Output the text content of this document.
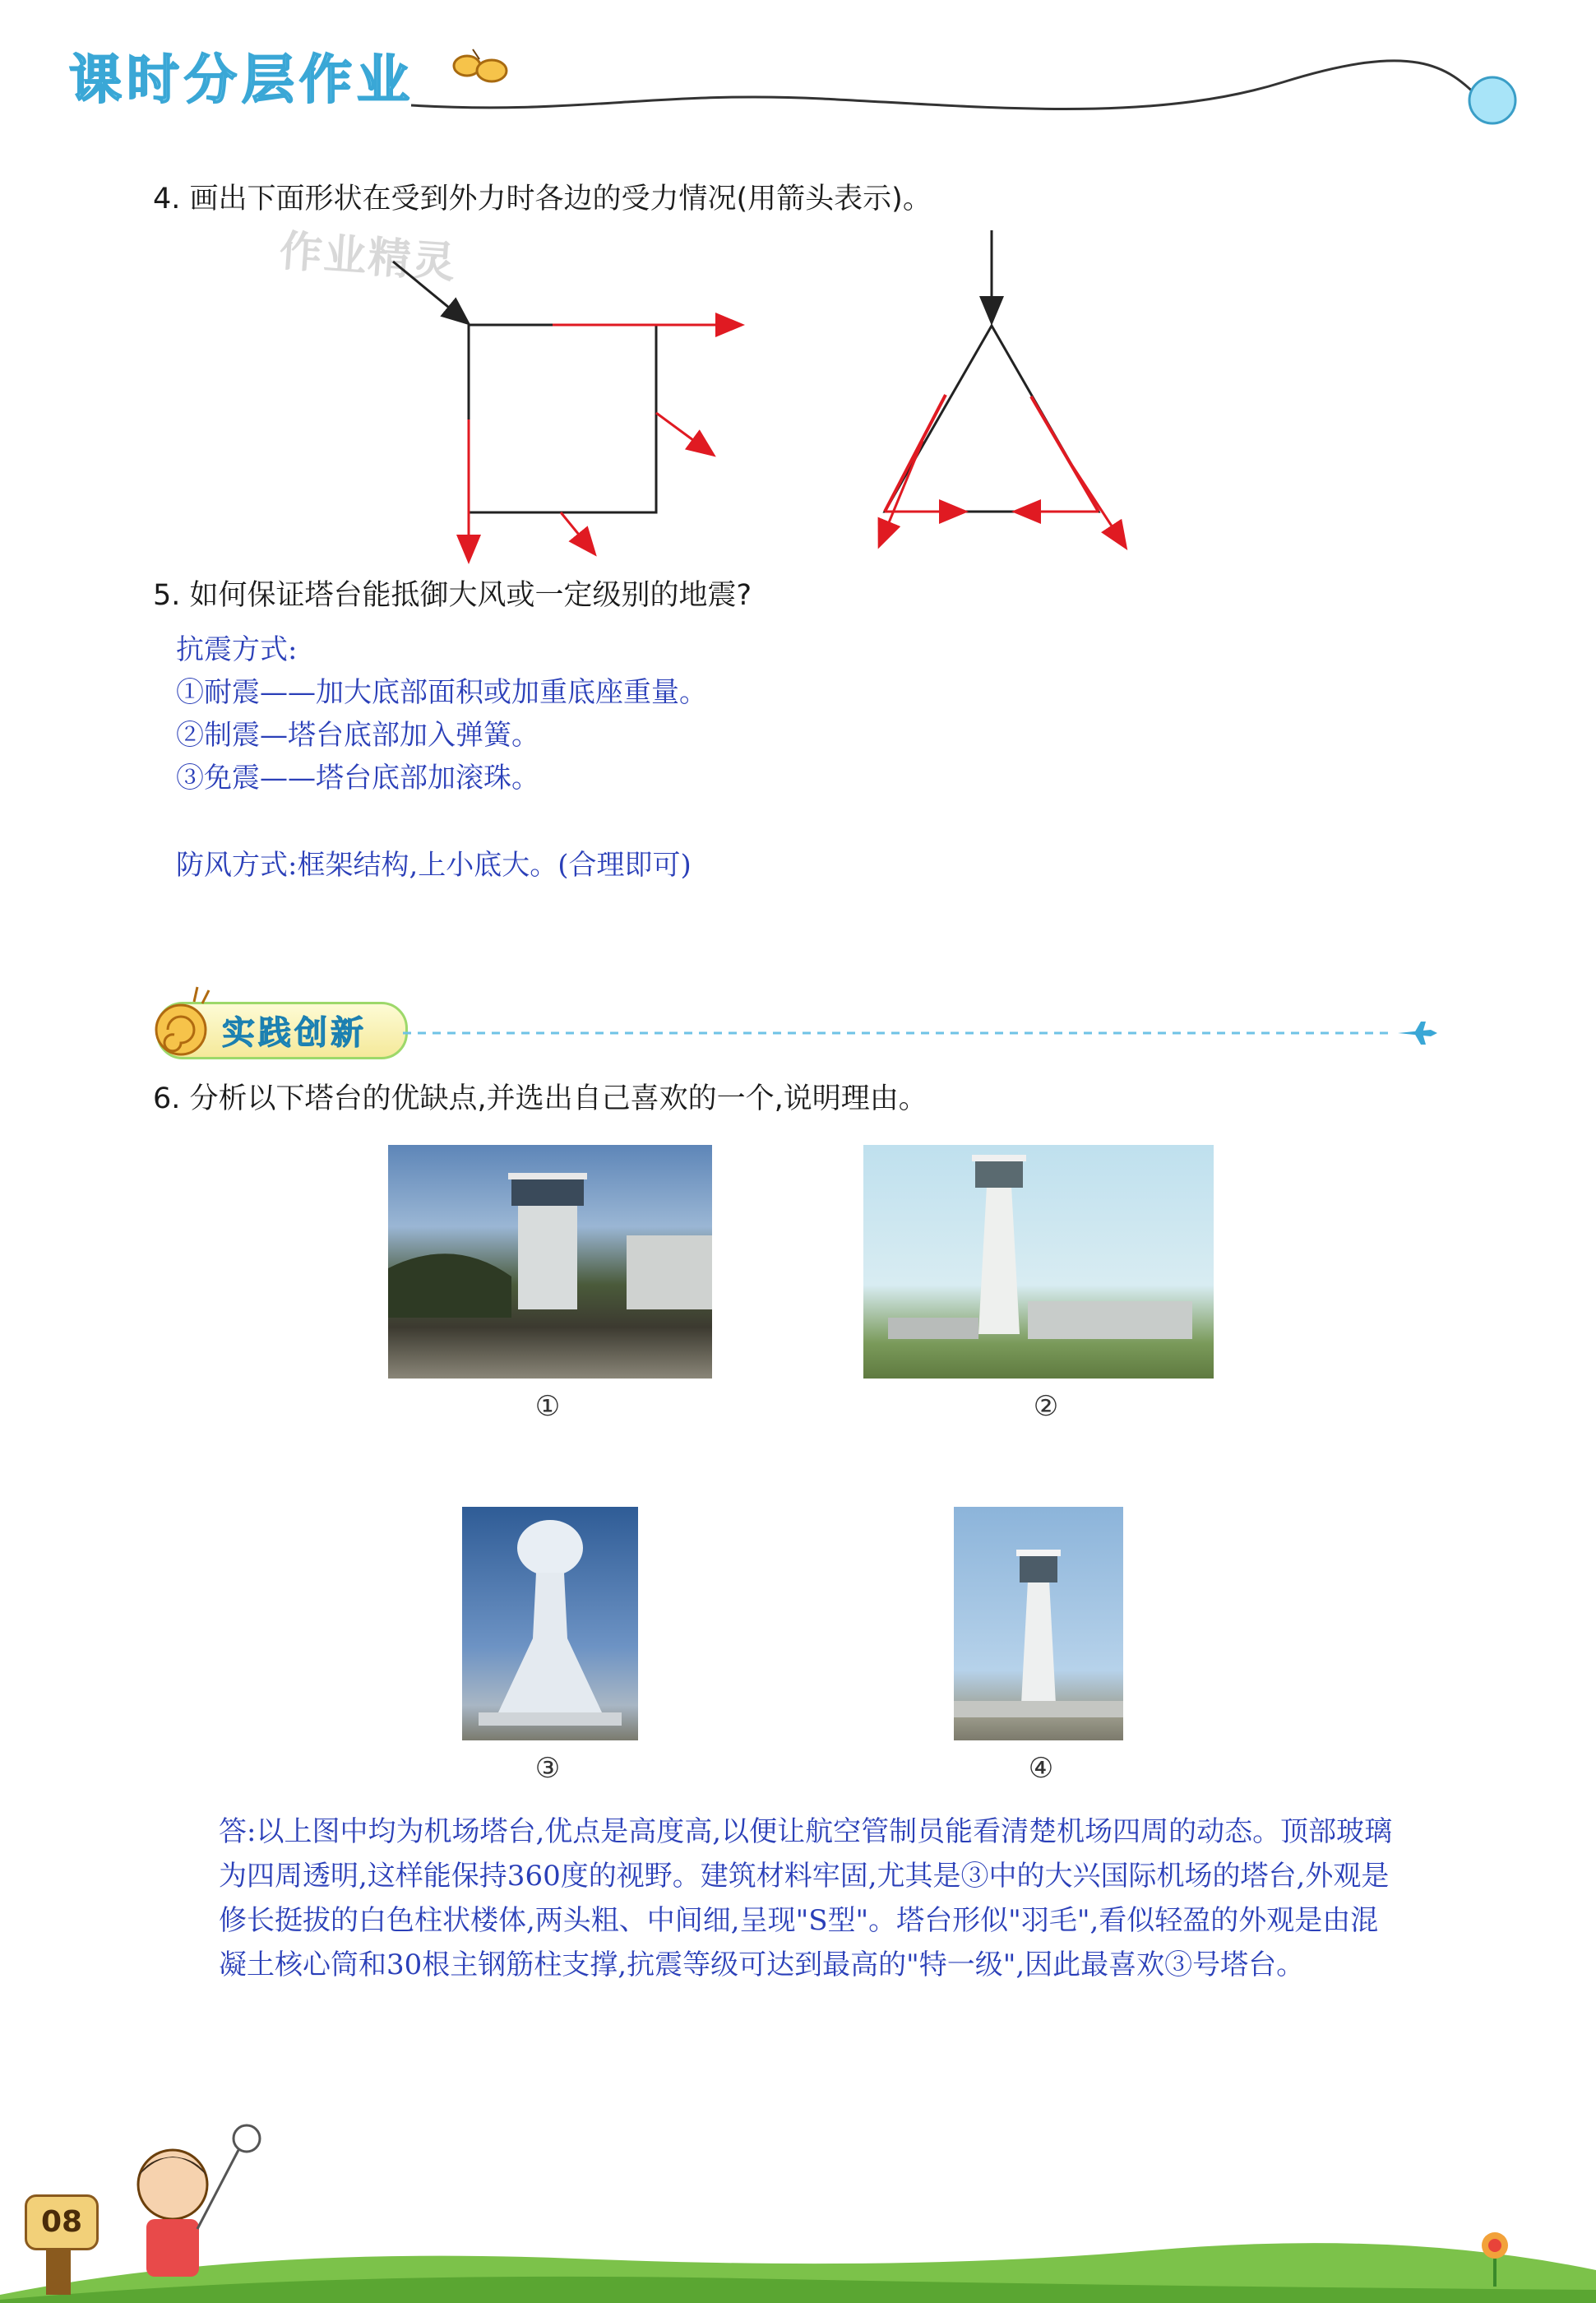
课时分层作业
作业精灵
4. 画出下面形状在受到外力时各边的受力情况(用箭头表示)。
5. 如何保证塔台能抵御大风或一定级别的地震?
抗震方式:
①耐震——加大底部面积或加重底座重量。
②制震—塔台底部加入弹簧。
③免震——塔台底部加滚珠。
防风方式:框架结构,上小底大。(合理即可)
实践创新
6. 分析以下塔台的优缺点,并选出自己喜欢的一个,说明理由。
①	②
③	④
答:以上图中均为机场塔台,优点是高度高,以便让航空管制员能看清楚机场四周的动态。顶部玻璃为四周透明,这样能保持360度的视野。建筑材料牢固,尤其是③中的大兴国际机场的塔台,外观是修长挺拔的白色柱状楼体,两头粗、中间细,呈现"S型"。塔台形似"羽毛",看似轻盈的外观是由混凝土核心筒和30根主钢筋柱支撑,抗震等级可达到最高的"特一级",因此最喜欢③号塔台。
08
